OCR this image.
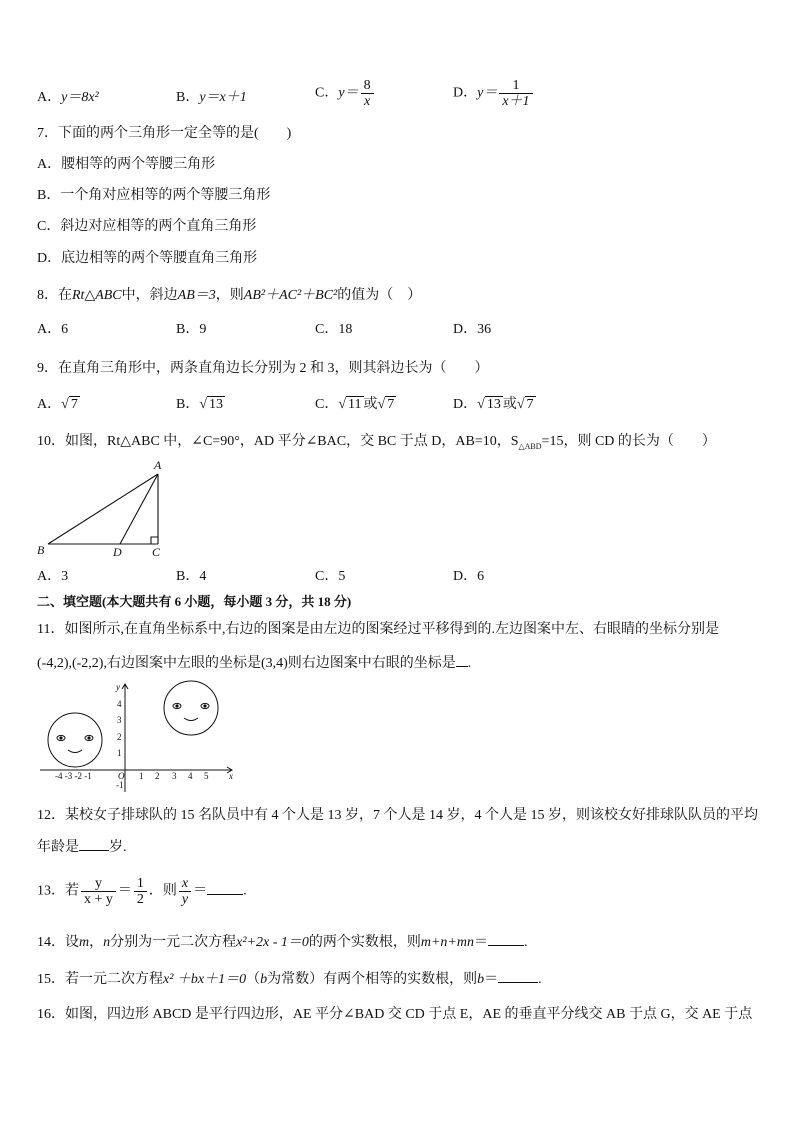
A．y＝8x²	B．y＝x＋1	C．$y= \frac{8}{x}$	D．$y= \frac{1}{x+1}$
7．下面的两个三角形一定全等的是(　　)
A．腰相等的两个等腰三角形
B．一个角对应相等的两个等腰三角形
C．斜边对应相等的两个直角三角形
D．底边相等的两个等腰直角三角形
8．在Rt△ABC中，斜边AB＝3，则AB²＋AC²＋BC²的值为（　）
A．6	B．9	C．18	D．36
9．在直角三角形中，两条直角边长分别为 2 和 3，则其斜边长为（　　）
A．√ 7	B．√ 13	C．√ 11 或√ 7	D．√ 13 或√ 7
10．如图，Rt△ABC 中，∠C=90°，AD 平分∠BAC，交 BC 于点 D，AB=10，$S_{\triangle ABD}=15$，则 CD 的长为（　　）
A
B	D	C
A．3	B．4	C．5	D．6
二、填空题(本大题共有 6 小题，每小题 3 分，共 18 分)
11．如图所示,在直角坐标系中,右边的图案是由左边的图案经过平移得到的.左边图案中左、右眼睛的坐标分别是
(-4,2),(-2,2),右边图案中左眼的坐标是(3,4)则右边图案中右眼的坐标是 .
y
x
4
3
2
1
-1
-4 -3 -2 -1	O 1 2 3 4 5
12．某校女子排球队的 15 名队员中有 4 个人是 13 岁，7 个人是 14 岁，4 个人是 15 岁，则该校女好排球队队员的平均
年龄是 岁.
13．若 $\frac{y}{x + y} = \frac{1}{2}$ ．则 $\frac{x}{y}$ ＝	.
14．设m，n分别为一元二次方程x²+2x - 1＝0的两个实数根，则m+n+mn＝	.
15．若一元二次方程x² ＋bx＋1＝0（b为常数）有两个相等的实数根，则b＝	.
16．如图，四边形 ABCD 是平行四边形，AE 平分∠BAD 交 CD 于点 E，AE 的垂直平分线交 AB 于点 G，交 AE 于点
